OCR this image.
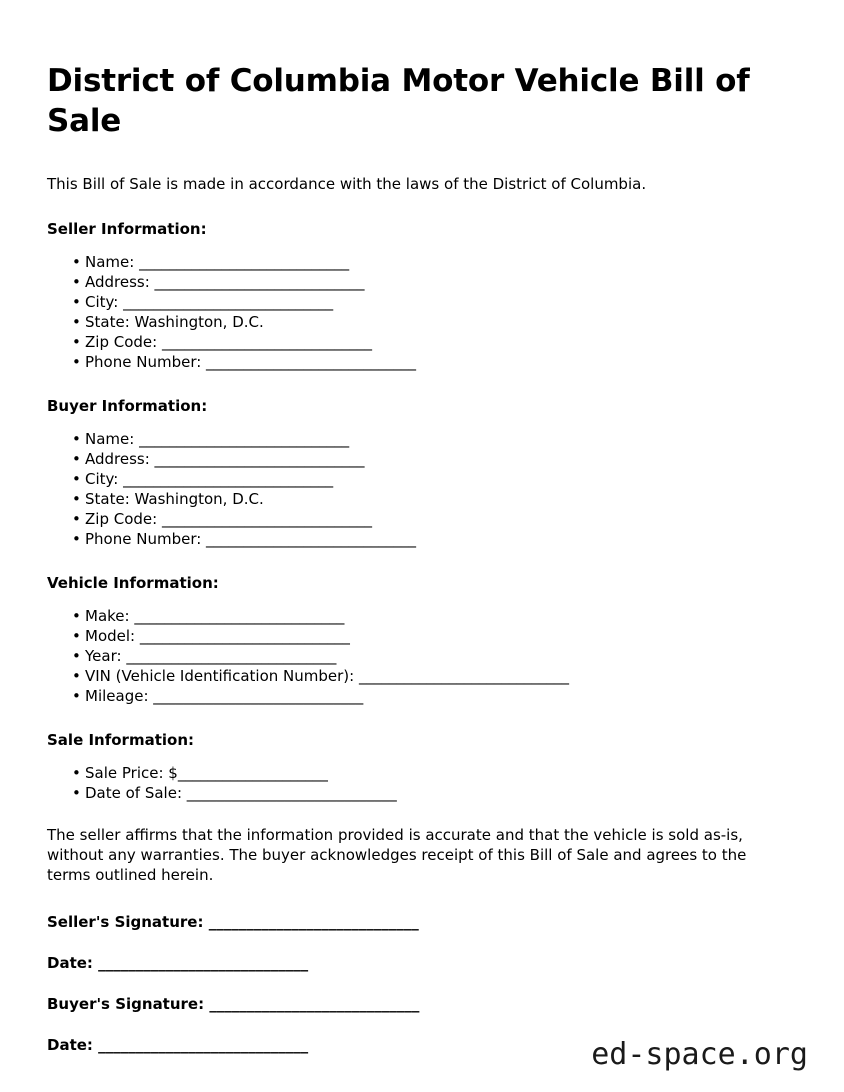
District of Columbia Motor Vehicle Bill of Sale

This Bill of Sale is made in accordance with the laws of the District of Columbia.

Seller Information:
• Name: ____________________________
• Address: ____________________________
• City: ____________________________
• State: Washington, D.C.
• Zip Code: ____________________________
• Phone Number: ____________________________
Buyer Information:
• Name: ____________________________
• Address: ____________________________
• City: ____________________________
• State: Washington, D.C.
• Zip Code: ____________________________
• Phone Number: ____________________________
Vehicle Information:
• Make: ____________________________
• Model: ____________________________
• Year: ____________________________
• VIN (Vehicle Identification Number): ____________________________
• Mileage: ____________________________
Sale Information:
• Sale Price: $____________________
• Date of Sale: ____________________________

The seller affirms that the information provided is accurate and that the vehicle is sold as-is, without any warranties. The buyer acknowledges receipt of this Bill of Sale and agrees to the terms outlined herein.

Seller's Signature: ____________________________
Date: ____________________________
Buyer's Signature: ____________________________
Date: ____________________________	ed-space.org
